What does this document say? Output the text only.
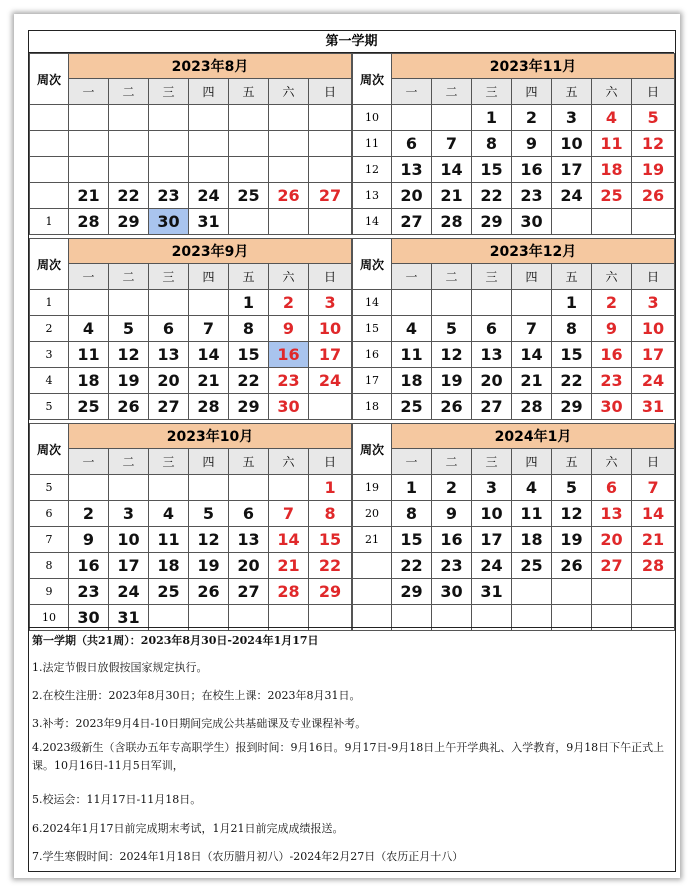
第一学期
周次	2023年8月						
	一	二	三	四	五	六	日

	21	22	23	24	25	26	27
1	28	29	30	31			
周次	2023年11月						
	一	二	三	四	五	六	日
10			1	2	3	4	5
11	6	7	8	9	10	11	12
12	13	14	15	16	17	18	19
13	20	21	22	23	24	25	26
14	27	28	29	30			
周次	2023年9月						
	一	二	三	四	五	六	日
1					1	2	3
2	4	5	6	7	8	9	10
3	11	12	13	14	15	16	17
4	18	19	20	21	22	23	24
5	25	26	27	28	29	30	
周次	2023年12月						
	一	二	三	四	五	六	日
14					1	2	3
15	4	5	6	7	8	9	10
16	11	12	13	14	15	16	17
17	18	19	20	21	22	23	24
18	25	26	27	28	29	30	31
周次	2023年10月						
	一	二	三	四	五	六	日
5							1
6	2	3	4	5	6	7	8
7	9	10	11	12	13	14	15
8	16	17	18	19	20	21	22
9	23	24	25	26	27	28	29
10	30	31					
周次	2024年1月						
	一	二	三	四	五	六	日
19	1	2	3	4	5	6	7
20	8	9	10	11	12	13	14
21	15	16	17	18	19	20	21
	22	23	24	25	26	27	28
	29	30	31				

第一学期（共21周）：2023年8月30日-2024年1月17日
1.法定节假日放假按国家规定执行。
2.在校生注册：2023年8月30日；在校生上课：2023年8月31日。
3.补考：2023年9月4日-10日期间完成公共基础课及专业课程补考。
4.2023级新生（含联办五年专高职学生）报到时间：9月16日。9月17日-9月18日上午开学典礼、入学教育，9月18日下午正式上课。10月16日-11月5日军训，
5.校运会：11月17日-11月18日。
6.2024年1月17日前完成期末考试，1月21日前完成成绩报送。
7.学生寒假时间：2024年1月18日（农历腊月初八）-2024年2月27日（农历正月十八）
